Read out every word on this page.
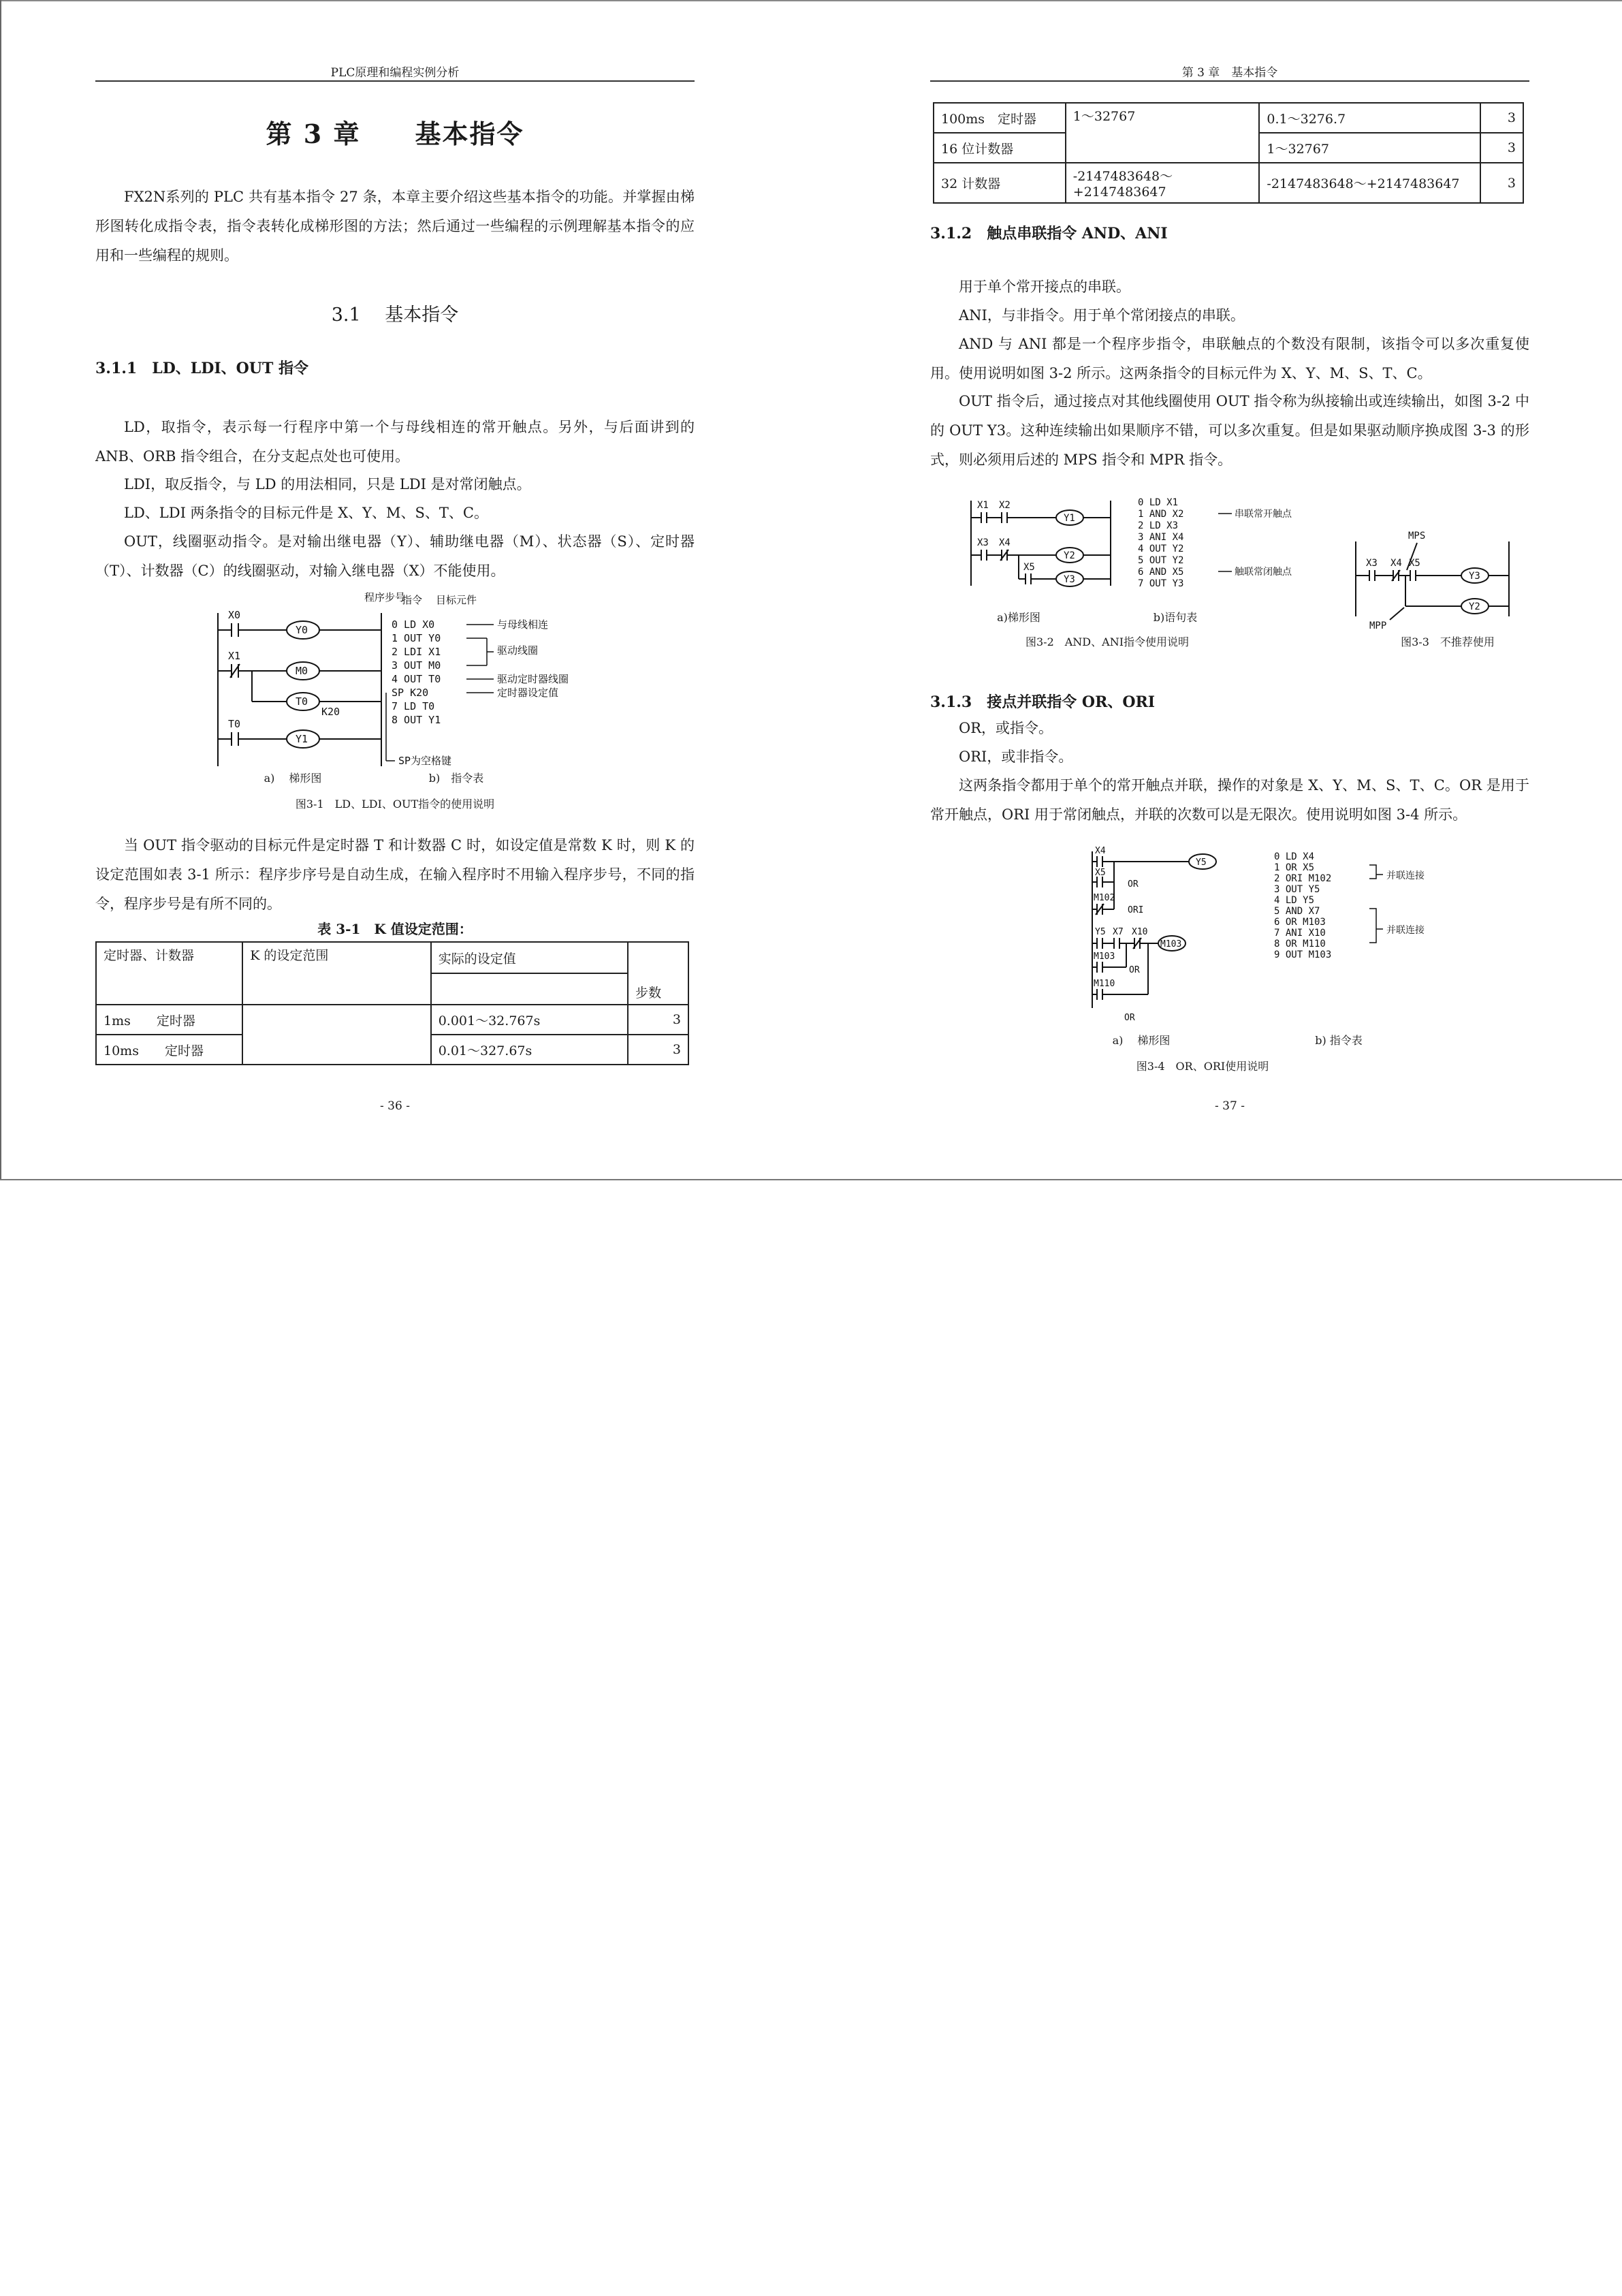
PLC原理和编程实例分析
第 3 章　　基本指令
FX2N系列的 PLC 共有基本指令 27 条，本章主要介绍这些基本指令的功能。并掌握由梯形图转化成指令表，指令表转化成梯形图的方法；然后通过一些编程的示例理解基本指令的应用和一些编程的规则。
3.1　 基本指令
3.1.1　LD、LDI、OUT 指令
LD，取指令，表示每一行程序中第一个与母线相连的常开触点。另外，与后面讲到的 ANB、ORB 指令组合，在分支起点处也可使用。
LDI，取反指令，与 LD 的用法相同，只是 LDI 是对常闭触点。
LD、LDI 两条指令的目标元件是 X、Y、M、S、T、C。
OUT，线圈驱动指令。是对输出继电器（Y）、辅助继电器（M）、状态器（S）、定时器（T）、计数器（C）的线圈驱动，对输入继电器（X）不能使用。
X0
Y0
X1
M0
T0
K20
T0
Y1
程序步号
指令 目标元件
0 LD X0
1 OUT Y0
2 LDI X1
3 OUT M0
4 OUT T0
SP K20
7 LD T0
8 OUT Y1
与母线相连
驱动线圈
驱动定时器线圈
定时器设定值
SP为空格键
a)　 梯形图	b)　指令表
图3-1　LD、LDI、OUT指令的使用说明
当 OUT 指令驱动的目标元件是定时器 T 和计数器 C 时，如设定值是常数 K 时，则 K 的设定范围如表 3-1 所示：程序步序号是自动生成，在输入程序时不用输入程序步号，不同的指令，程序步号是有所不同的。
表 3-1　K 值设定范围：
定时器、计数器	K 的设定范围	实际的设定值	步数

1ms　　定时器		0.001～32.767s	3
10ms　　定时器		0.01～327.67s	3
- 36 -
第 3 章　基本指令
100ms　定时器	1～32767	0.1～3276.7	3
16 位计数器		1～32767	3
32 计数器	-2147483648～+2147483647	-2147483648～+2147483647	3
3.1.2　触点串联指令 AND、ANI
用于单个常开接点的串联。
ANI，与非指令。用于单个常闭接点的串联。
AND 与 ANI 都是一个程序步指令，串联触点的个数没有限制，该指令可以多次重复使用。使用说明如图 3-2 所示。这两条指令的目标元件为 X、Y、M、S、T、C。
OUT 指令后，通过接点对其他线圈使用 OUT 指令称为纵接输出或连续输出，如图 3-2 中的 OUT Y3。这种连续输出如果顺序不错，可以多次重复。但是如果驱动顺序换成图 3-3 的形式，则必须用后述的 MPS 指令和 MPR 指令。
X1 X2
Y1
X3 X4
Y2
X5
Y3
0 LD X1
1 AND X2
2 LD X3
3 ANI X4
4 OUT Y2
5 OUT Y2
6 AND X5
7 OUT Y3
串联常开触点
触联常闭触点
a)梯形图	b)语句表
图3-2　AND、ANI指令使用说明
MPS
X3 X4 X5
Y3
Y2
MPP
图3-3　不推荐使用
3.1.3　接点并联指令 OR、ORI
OR，或指令。
ORI，或非指令。
这两条指令都用于单个的常开触点并联，操作的对象是 X、Y、M、S、T、C。OR 是用于常开触点，ORI 用于常闭触点，并联的次数可以是无限次。使用说明如图 3-4 所示。
X4
Y5
X5
OR
M102
ORI
Y5 X7 X10
M103
M103
OR
M110
OR
0 LD X4
1 OR X5
2 ORI M102
3 OUT Y5
4 LD Y5
5 AND X7
6 OR M103
7 ANI X10
8 OR M110
9 OUT M103
并联连接
并联连接
a)　 梯形图	b) 指令表
图3-4　OR、ORI使用说明
- 37 -
